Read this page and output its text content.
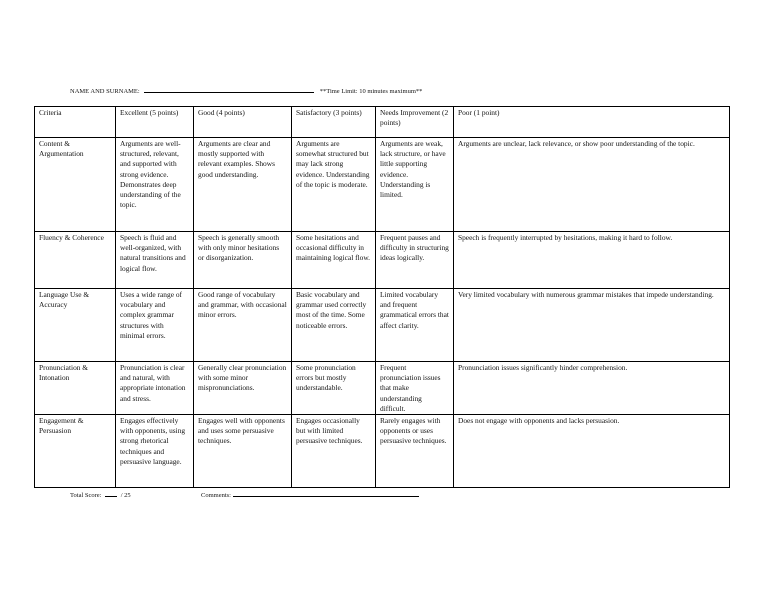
NAME AND SURNAME:	**Time Limit: 10 minutes maximum**
Criteria	Excellent (5 points)	Good (4 points)	Satisfactory (3 points)	Needs Improvement (2 points)	Poor (1 point)
Content & Argumentation	Arguments are well-structured, relevant, and supported with strong evidence. Demonstrates deep understanding of the topic.	Arguments are clear and mostly supported with relevant examples. Shows good understanding.	Arguments are somewhat structured but may lack strong evidence. Understanding of the topic is moderate.	Arguments are weak, lack structure, or have little supporting evidence. Understanding is limited.	Arguments are unclear, lack relevance, or show poor understanding of the topic.
Fluency & Coherence	Speech is fluid and well-organized, with natural transitions and logical flow.	Speech is generally smooth with only minor hesitations or disorganization.	Some hesitations and occasional difficulty in maintaining logical flow.	Frequent pauses and difficulty in structuring ideas logically.	Speech is frequently interrupted by hesitations, making it hard to follow.
Language Use & Accuracy	Uses a wide range of vocabulary and complex grammar structures with minimal errors.	Good range of vocabulary and grammar, with occasional minor errors.	Basic vocabulary and grammar used correctly most of the time. Some noticeable errors.	Limited vocabulary and frequent grammatical errors that affect clarity.	Very limited vocabulary with numerous grammar mistakes that impede understanding.
Pronunciation & Intonation	Pronunciation is clear and natural, with appropriate intonation and stress.	Generally clear pronunciation with some minor mispronunciations.	Some pronunciation errors but mostly understandable.	Frequent pronunciation issues that make understanding difficult.	Pronunciation issues significantly hinder comprehension.
Engagement & Persuasion	Engages effectively with opponents, using strong rhetorical techniques and persuasive language.	Engages well with opponents and uses some persuasive techniques.	Engages occasionally but with limited persuasive techniques.	Rarely engages with opponents or uses persuasive techniques.	Does not engage with opponents and lacks persuasion.
Total Score:	/ 25	Comments:
